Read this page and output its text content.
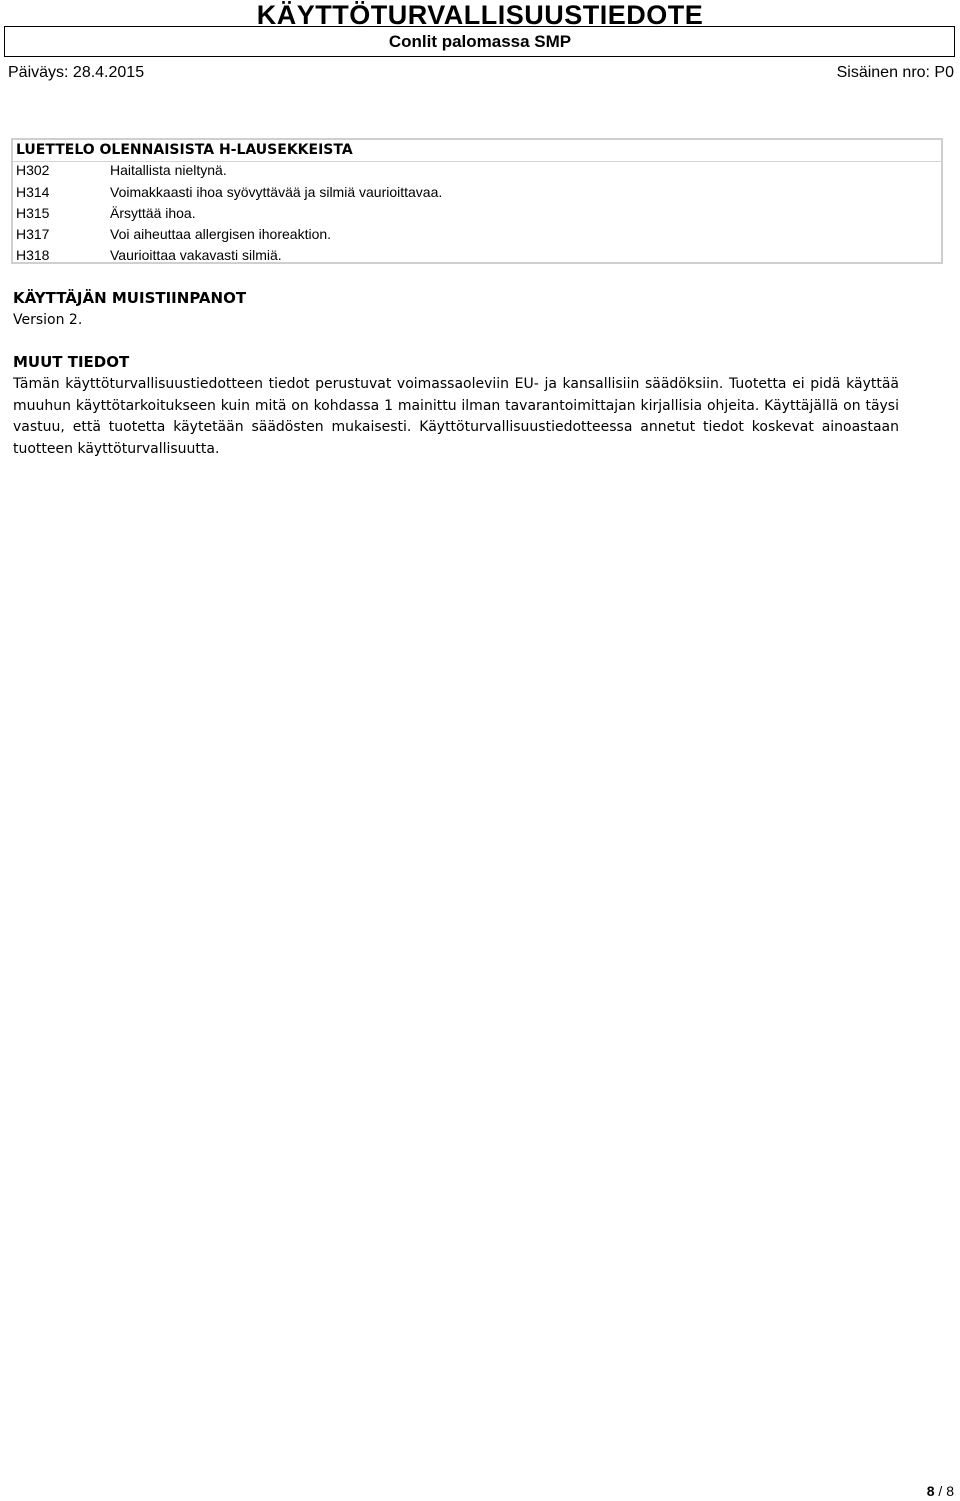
KÄYTTÖTURVALLISUUSTIEDOTE
Conlit palomassa SMP
Päiväys: 28.4.2015	Sisäinen nro: P0
LUETTELO OLENNAISISTA H-LAUSEKKEISTA
H302	Haitallista nieltynä.
H314	Voimakkaasti ihoa syövyttävää ja silmiä vaurioittavaa.
H315	Ärsyttää ihoa.
H317	Voi aiheuttaa allergisen ihoreaktion.
H318	Vaurioittaa vakavasti silmiä.
KÄYTTÄJÄN MUISTIINPANOT
Version 2.
MUUT TIEDOT
Tämän käyttöturvallisuustiedotteen tiedot perustuvat voimassaoleviin EU- ja kansallisiin säädöksiin. Tuotetta ei pidä käyttää muuhun käyttötarkoitukseen kuin mitä on kohdassa 1 mainittu ilman tavarantoimittajan kirjallisia ohjeita. Käyttäjällä on täysi vastuu, että tuotetta käytetään säädösten mukaisesti. Käyttöturvallisuustiedotteessa annetut tiedot koskevat ainoastaan tuotteen käyttöturvallisuutta.
8 / 8
